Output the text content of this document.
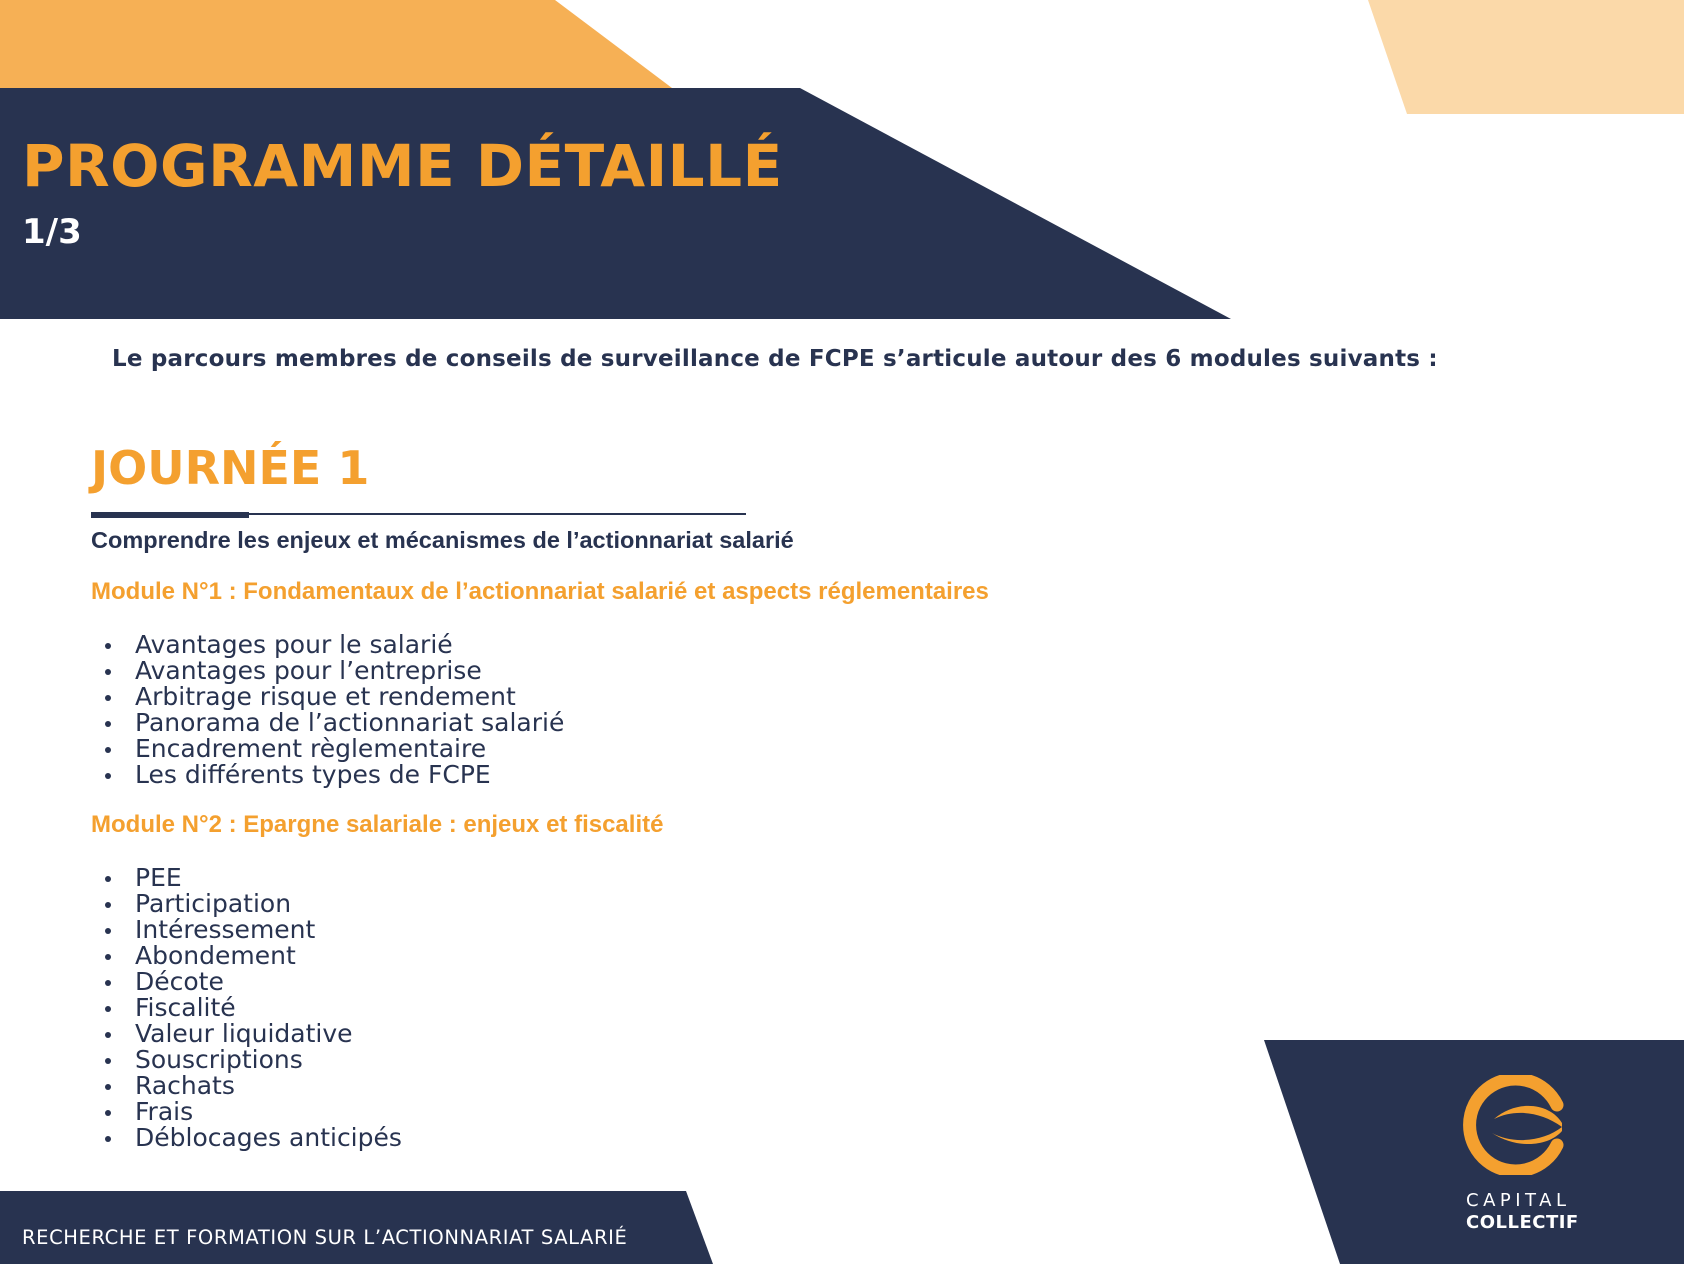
PROGRAMME DÉTAILLÉ
1/3

Le parcours membres de conseils de surveillance de FCPE s’articule autour des 6 modules suivants :

JOURNÉE 1

Comprendre les enjeux et mécanismes de l’actionnariat salarié

Module N°1 : Fondamentaux de l’actionnariat salarié et aspects réglementaires
Avantages pour le salarié
Avantages pour l’entreprise
Arbitrage risque et rendement
Panorama de l’actionnariat salarié
Encadrement règlementaire
Les différents types de FCPE
Module N°2 : Epargne salariale : enjeux et fiscalité
PEE
Participation
Intéressement
Abondement
Décote
Fiscalité
Valeur liquidative
Souscriptions
Rachats
Frais
Déblocages anticipés

RECHERCHE ET FORMATION SUR L’ACTIONNARIAT SALARIÉ

CAPITAL
COLLECTIF
